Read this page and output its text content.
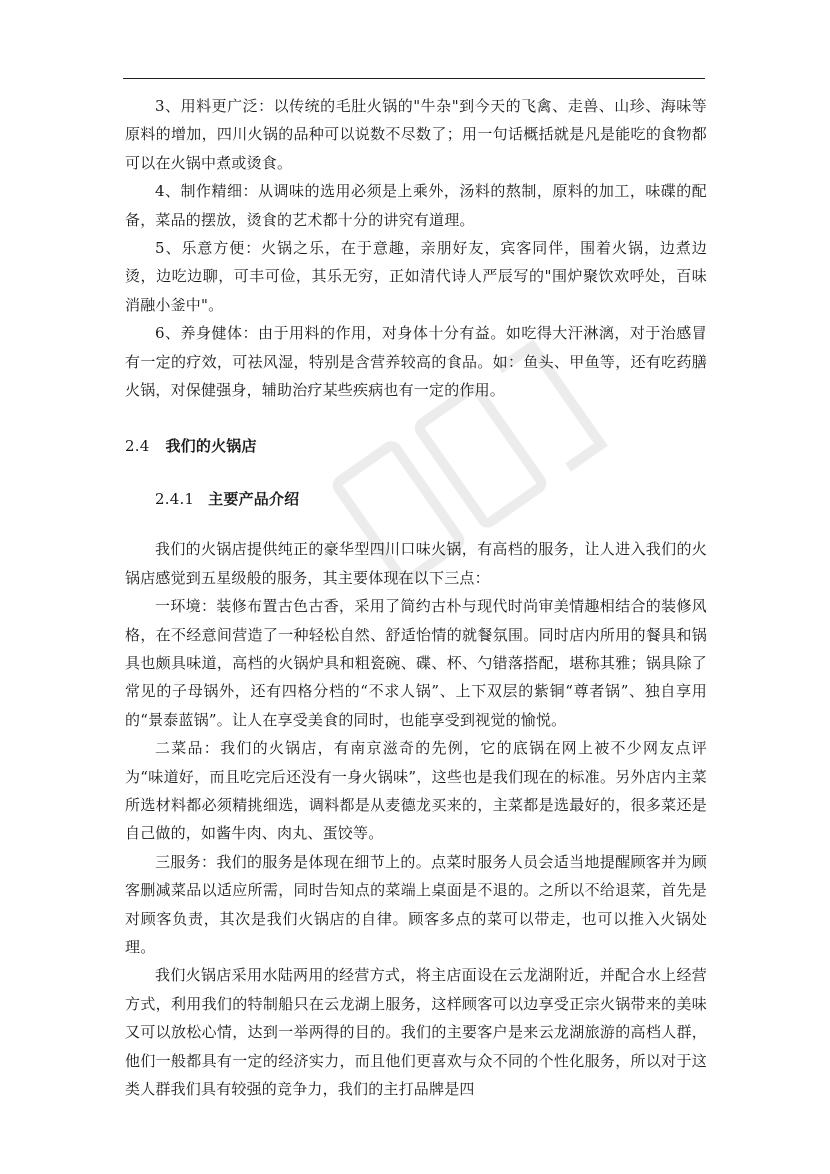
3、用料更广泛：以传统的毛肚火锅的"牛杂"到今天的飞禽、走兽、山珍、海味等原料的增加，四川火锅的品种可以说数不尽数了；用一句话概括就是凡是能吃的食物都可以在火锅中煮或烫食。

4、制作精细：从调味的选用必须是上乘外，汤料的熬制，原料的加工，味碟的配备，菜品的摆放，烫食的艺术都十分的讲究有道理。

5、乐意方便：火锅之乐，在于意趣，亲朋好友，宾客同伴，围着火锅，边煮边烫，边吃边聊，可丰可俭，其乐无穷，正如清代诗人严辰写的"围炉聚饮欢呼处，百味消融小釜中"。

6、养身健体：由于用料的作用，对身体十分有益。如吃得大汗淋漓，对于治感冒有一定的疗效，可祛风湿，特别是含营养较高的食品。如：鱼头、甲鱼等，还有吃药膳火锅，对保健强身，辅助治疗某些疾病也有一定的作用。

2.4 我们的火锅店
2.4.1 主要产品介绍

我们的火锅店提供纯正的豪华型四川口味火锅，有高档的服务，让人进入我们的火锅店感觉到五星级般的服务，其主要体现在以下三点：

一环境：装修布置古色古香，采用了简约古朴与现代时尚审美情趣相结合的装修风格，在不经意间营造了一种轻松自然、舒适怡情的就餐氛围。同时店内所用的餐具和锅具也颇具味道，高档的火锅炉具和粗瓷碗、碟、杯、勺错落搭配，堪称其雅；锅具除了常见的子母锅外，还有四格分档的“不求人锅”、上下双层的紫铜“尊者锅”、独自享用的“景泰蓝锅”。让人在享受美食的同时，也能享受到视觉的愉悦。

二菜品：我们的火锅店，有南京滋奇的先例，它的底锅在网上被不少网友点评为“味道好，而且吃完后还没有一身火锅味”，这些也是我们现在的标准。另外店内主菜所选材料都必须精挑细选，调料都是从麦德龙买来的，主菜都是选最好的，很多菜还是自己做的，如酱牛肉、肉丸、蛋饺等。

三服务：我们的服务是体现在细节上的。点菜时服务人员会适当地提醒顾客并为顾客删减菜品以适应所需，同时告知点的菜端上桌面是不退的。之所以不给退菜，首先是对顾客负责，其次是我们火锅店的自律。顾客多点的菜可以带走，也可以推入火锅处理。

我们火锅店采用水陆两用的经营方式，将主店面设在云龙湖附近，并配合水上经营方式，利用我们的特制船只在云龙湖上服务，这样顾客可以边享受正宗火锅带来的美味又可以放松心情，达到一举两得的目的。我们的主要客户是来云龙湖旅游的高档人群，他们一般都具有一定的经济实力，而且他们更喜欢与众不同的个性化服务，所以对于这类人群我们具有较强的竞争力，我们的主打品牌是四
